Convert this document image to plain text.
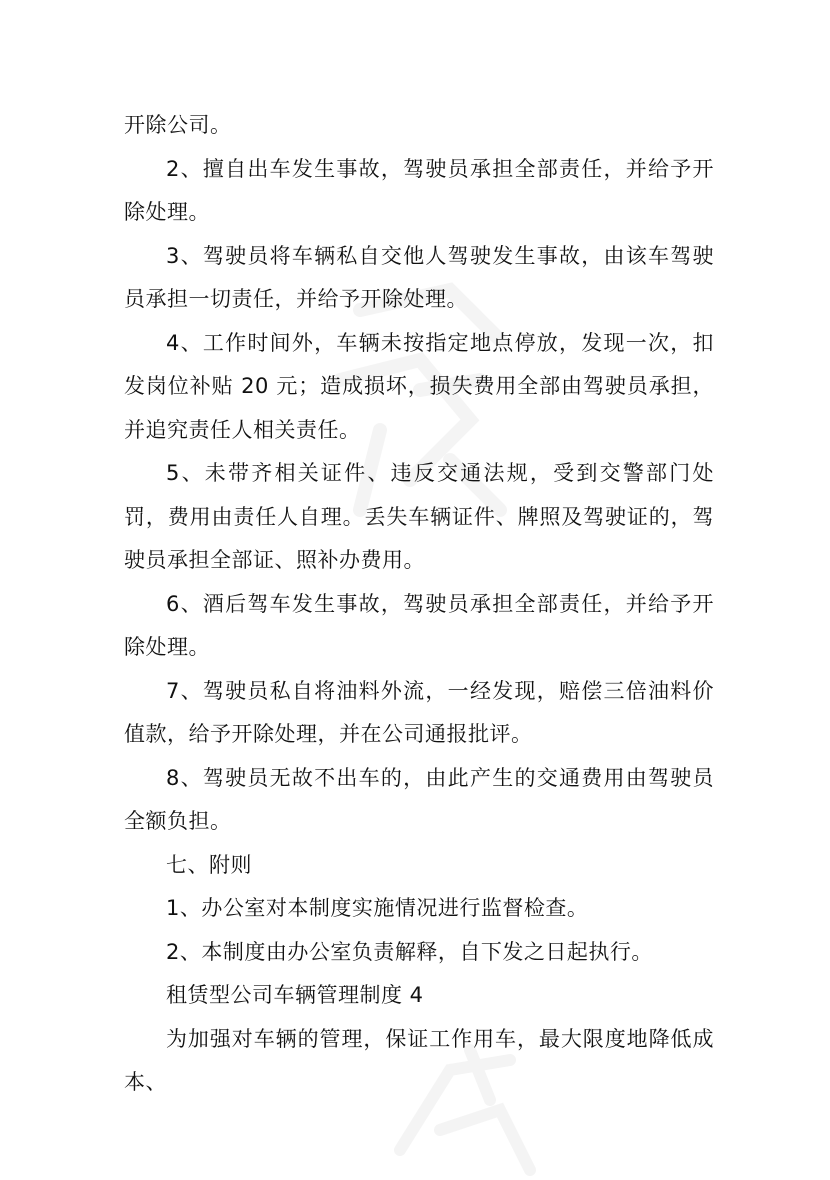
开除公司。

2、擅自出车发生事故，驾驶员承担全部责任，并给予开除处理。

3、驾驶员将车辆私自交他人驾驶发生事故，由该车驾驶员承担一切责任，并给予开除处理。

4、工作时间外，车辆未按指定地点停放，发现一次，扣发岗位补贴 20 元；造成损坏，损失费用全部由驾驶员承担，并追究责任人相关责任。

5、未带齐相关证件、违反交通法规，受到交警部门处罚，费用由责任人自理。丢失车辆证件、牌照及驾驶证的，驾驶员承担全部证、照补办费用。

6、酒后驾车发生事故，驾驶员承担全部责任，并给予开除处理。

7、驾驶员私自将油料外流，一经发现，赔偿三倍油料价值款，给予开除处理，并在公司通报批评。

8、驾驶员无故不出车的，由此产生的交通费用由驾驶员全额负担。

七、附则

1、办公室对本制度实施情况进行监督检查。

2、本制度由办公室负责解释，自下发之日起执行。

租赁型公司车辆管理制度 4

为加强对车辆的管理，保证工作用车，最大限度地降低成本、
